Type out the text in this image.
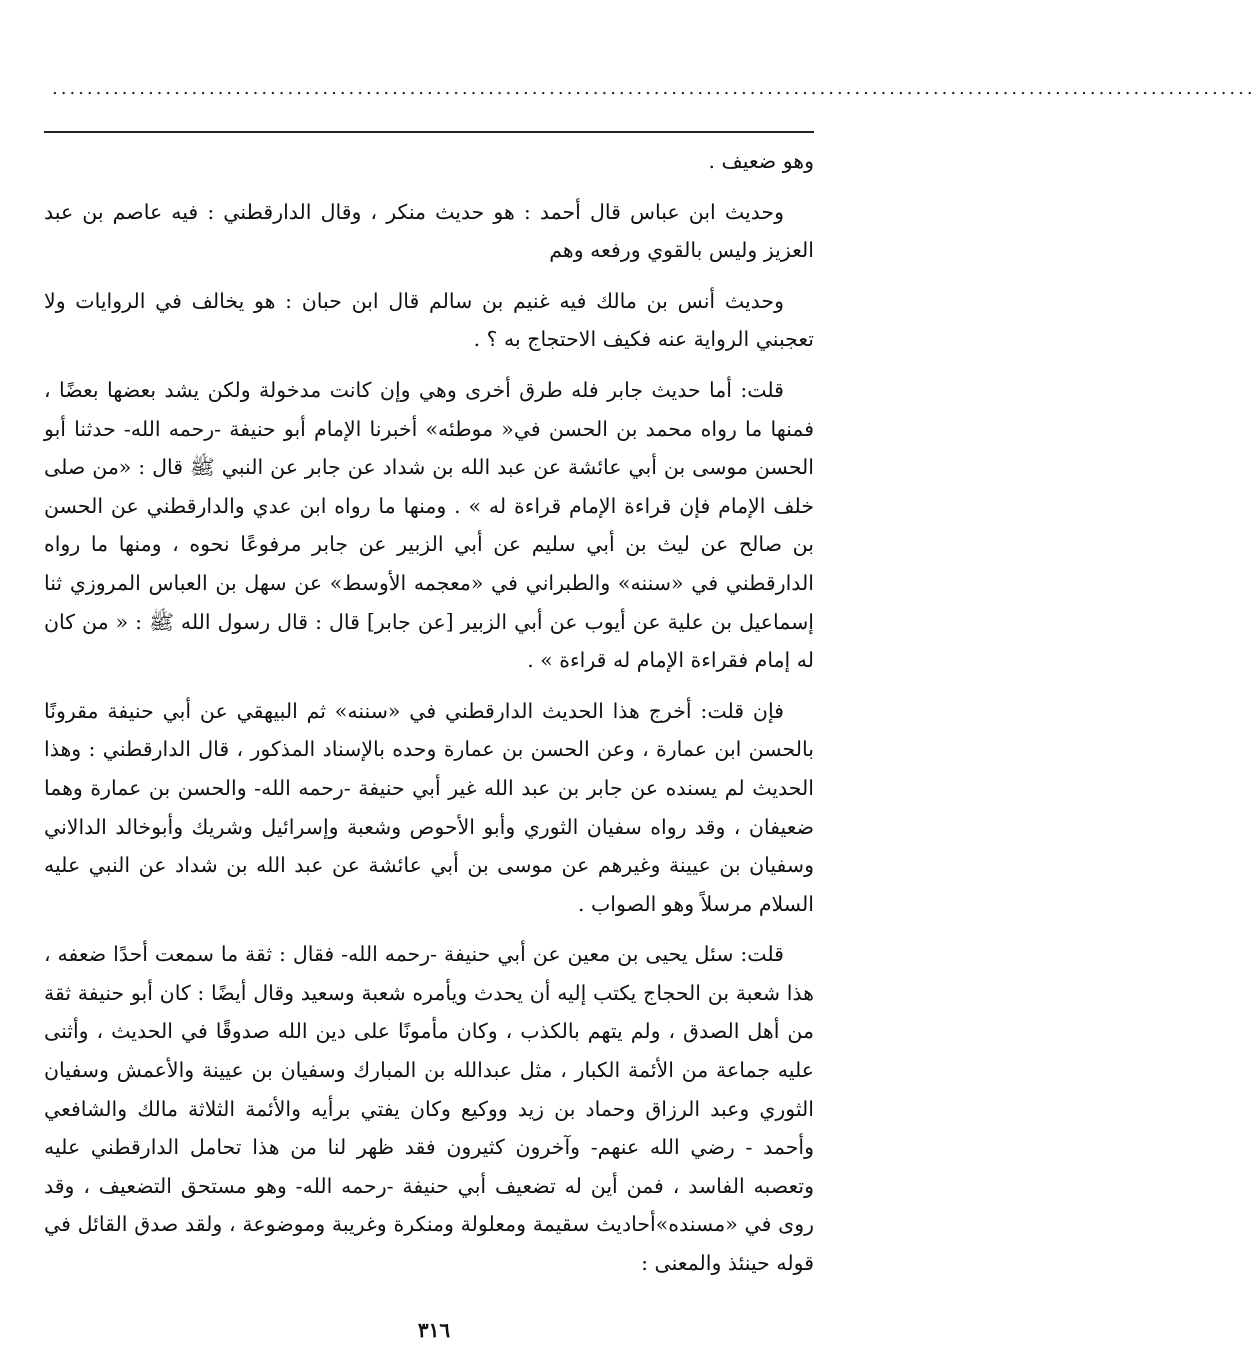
..........................................................................................................................................

وهو ضعيف .

وحديث ابن عباس قال أحمد : هو حديث منكر ، وقال الدارقطني : فيه عاصم بن عبد العزيز وليس بالقوي ورفعه وهم

وحديث أنس بن مالك فيه غنيم بن سالم قال ابن حبان : هو يخالف في الروايات ولا تعجبني الرواية عنه فكيف الاحتجاج به ؟ .

قلت: أما حديث جابر فله طرق أخرى وهي وإن كانت مدخولة ولكن يشد بعضها بعضًا ، فمنها ما رواه محمد بن الحسن في« موطئه» أخبرنا الإمام أبو حنيفة -رحمه الله- حدثنا أبو الحسن موسى بن أبي عائشة عن عبد الله بن شداد عن جابر عن النبي ﷺ قال : «من صلى خلف الإمام فإن قراءة الإمام قراءة له » . ومنها ما رواه ابن عدي والدارقطني عن الحسن بن صالح عن ليث بن أبي سليم عن أبي الزبير عن جابر مرفوعًا نحوه ، ومنها ما رواه الدارقطني في «سننه» والطبراني في «معجمه الأوسط» عن سهل بن العباس المروزي ثنا إسماعيل بن علية عن أيوب عن أبي الزبير [عن جابر] قال : قال رسول الله ﷺ : « من كان له إمام فقراءة الإمام له قراءة » .

فإن قلت: أخرج هذا الحديث الدارقطني في «سننه» ثم البيهقي عن أبي حنيفة مقرونًا بالحسن ابن عمارة ، وعن الحسن بن عمارة وحده بالإسناد المذكور ، قال الدارقطني : وهذا الحديث لم يسنده عن جابر بن عبد الله غير أبي حنيفة -رحمه الله- والحسن بن عمارة وهما ضعيفان ، وقد رواه سفيان الثوري وأبو الأحوص وشعبة وإسرائيل وشريك وأبوخالد الدالاني وسفيان بن عيينة وغيرهم عن موسى بن أبي عائشة عن عبد الله بن شداد عن النبي عليه السلام مرسلاً وهو الصواب .

قلت: سئل يحيى بن معين عن أبي حنيفة -رحمه الله- فقال : ثقة ما سمعت أحدًا ضعفه ، هذا شعبة بن الحجاج يكتب إليه أن يحدث ويأمره شعبة وسعيد وقال أيضًا : كان أبو حنيفة ثقة من أهل الصدق ، ولم يتهم بالكذب ، وكان مأمونًا على دين الله صدوقًا في الحديث ، وأثنى عليه جماعة من الأئمة الكبار ، مثل عبدالله بن المبارك وسفيان بن عيينة والأعمش وسفيان الثوري وعبد الرزاق وحماد بن زيد ووكيع وكان يفتي برأيه والأئمة الثلاثة مالك والشافعي وأحمد - رضي الله عنهم- وآخرون كثيرون فقد ظهر لنا من هذا تحامل الدارقطني عليه وتعصبه الفاسد ، فمن أين له تضعيف أبي حنيفة -رحمه الله- وهو مستحق التضعيف ، وقد روى في «مسنده»أحاديث سقيمة ومعلولة ومنكرة وغريبة وموضوعة ، ولقد صدق القائل في قوله حينئذ والمعنى :

٣١٦
